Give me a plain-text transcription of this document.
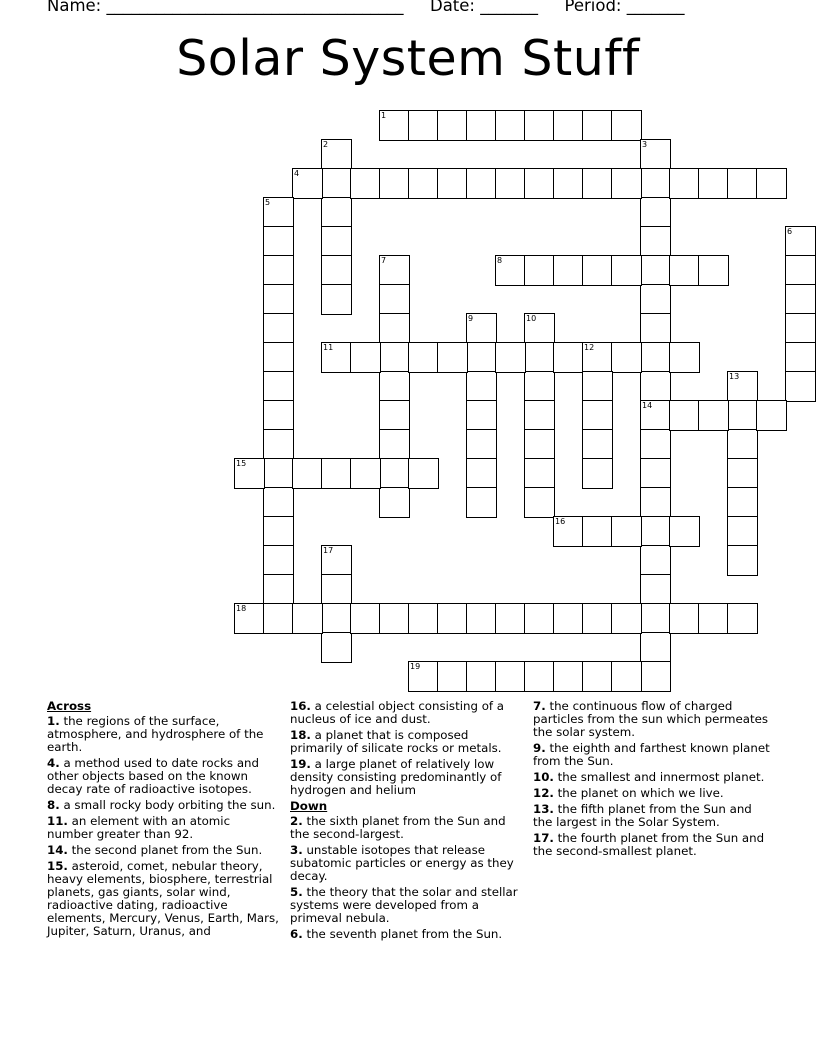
Name: ____________________________________ Date: _______ Period: _______
Solar System Stuff
1
2	3
14
4
5
6
7	8
9	10
11	12
13
15
16
17
18
19
Across
1. the regions of the surface, atmosphere, and hydrosphere of the earth.
4. a method used to date rocks and other objects based on the known decay rate of radioactive isotopes.
8. a small rocky body orbiting the sun.
11. an element with an atomic number greater than 92.
14. the second planet from the Sun.
15. asteroid, comet, nebular theory, heavy elements, biosphere, terrestrial planets, gas giants, solar wind, radioactive dating, radioactive elements, Mercury, Venus, Earth, Mars, Jupiter, Saturn, Uranus, and
16. a celestial object consisting of a nucleus of ice and dust.
18. a planet that is composed primarily of silicate rocks or metals.
19. a large planet of relatively low density consisting predominantly of hydrogen and helium
Down
2. the sixth planet from the Sun and the second-largest.
3. unstable isotopes that release subatomic particles or energy as they decay.
5. the theory that the solar and stellar systems were developed from a primeval nebula.
6. the seventh planet from the Sun.
7. the continuous flow of charged particles from the sun which permeates the solar system.
9. the eighth and farthest known planet from the Sun.
10. the smallest and innermost planet.
12. the planet on which we live.
13. the fifth planet from the Sun and the largest in the Solar System.
17. the fourth planet from the Sun and the second-smallest planet.
